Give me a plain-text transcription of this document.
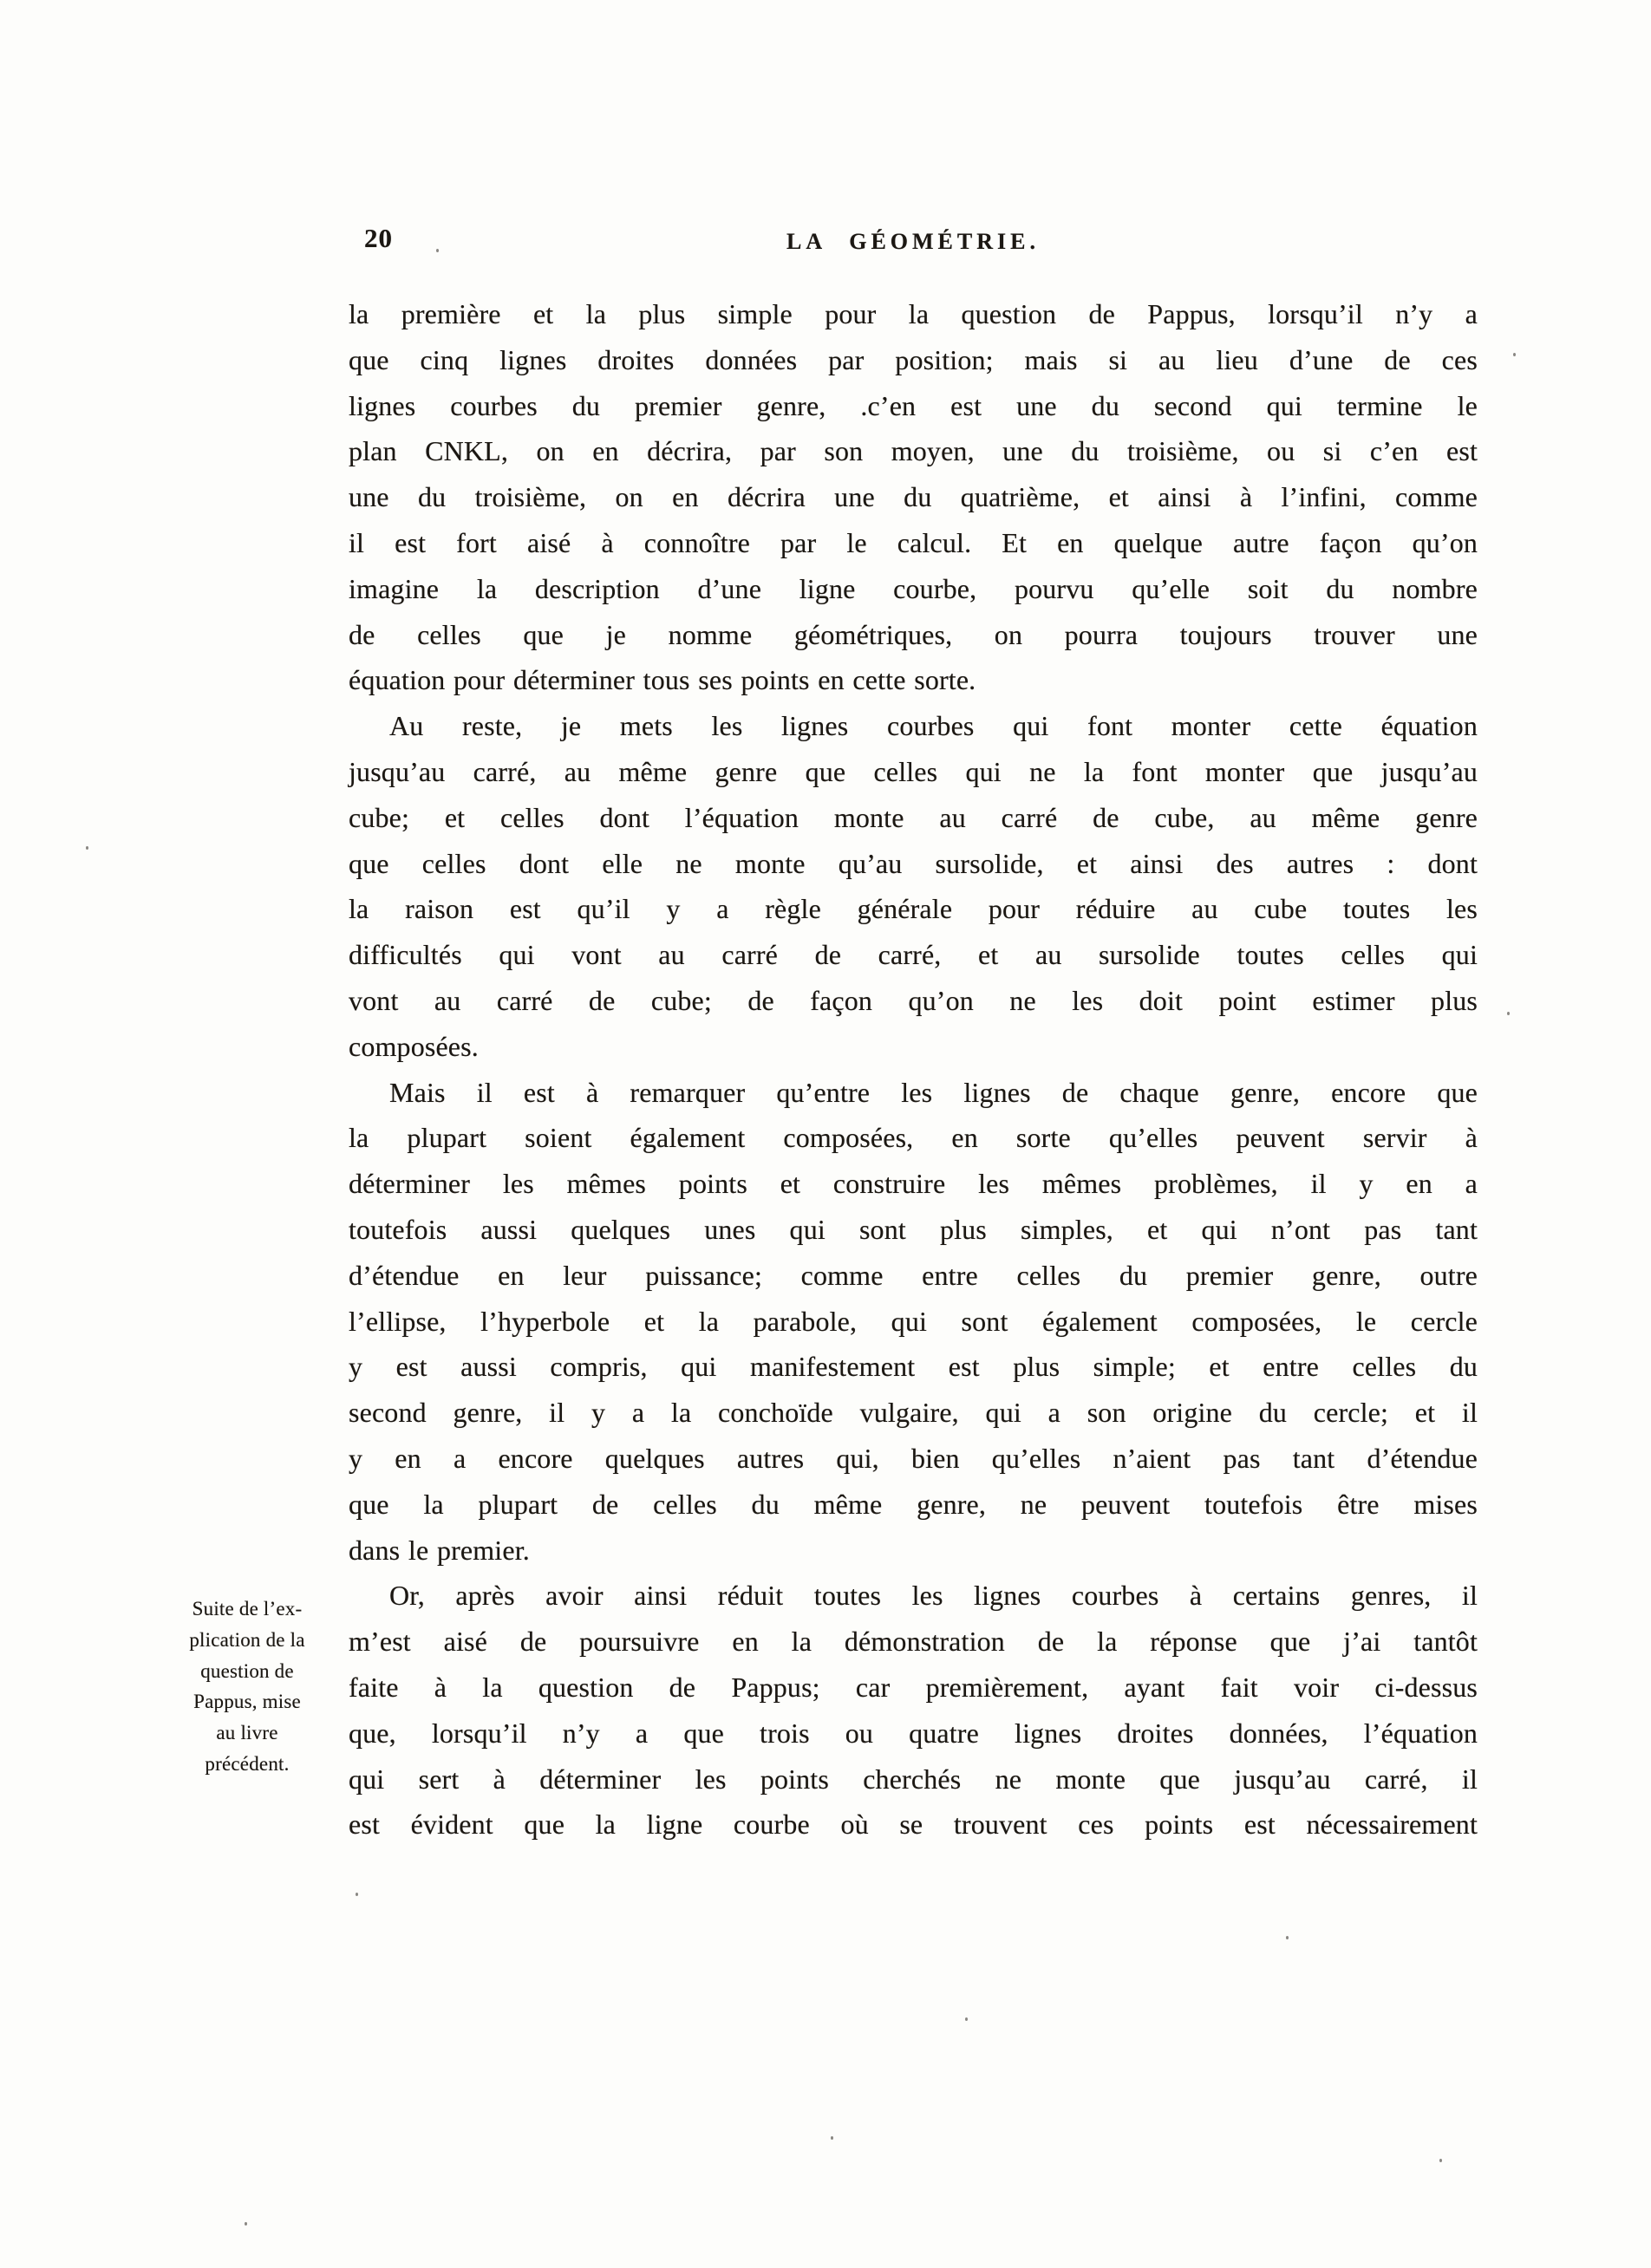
20	LA GÉOMÉTRIE.
Suite de l’ex-
plication de la
question de
Pappus, mise
au livre
précédent.
la première et la plus simple pour la question de Pappus, lorsqu’il n’y a
que cinq lignes droites données par position; mais si au lieu d’une de ces
lignes courbes du premier genre, .c’en est une du second qui termine le
plan CNKL, on en décrira, par son moyen, une du troisième, ou si c’en est
une du troisième, on en décrira une du quatrième, et ainsi à l’infini, comme
il est fort aisé à connoître par le calcul. Et en quelque autre façon qu’on
imagine la description d’une ligne courbe, pourvu qu’elle soit du nombre
de celles que je nomme géométriques, on pourra toujours trouver une
équation pour déterminer tous ses points en cette sorte.
Au reste, je mets les lignes courbes qui font monter cette équation
jusqu’au carré, au même genre que celles qui ne la font monter que jusqu’au
cube; et celles dont l’équation monte au carré de cube, au même genre
que celles dont elle ne monte qu’au sursolide, et ainsi des autres : dont
la raison est qu’il y a règle générale pour réduire au cube toutes les
difficultés qui vont au carré de carré, et au sursolide toutes celles qui
vont au carré de cube; de façon qu’on ne les doit point estimer plus
composées.
Mais il est à remarquer qu’entre les lignes de chaque genre, encore que
la plupart soient également composées, en sorte qu’elles peuvent servir à
déterminer les mêmes points et construire les mêmes problèmes, il y en a
toutefois aussi quelques unes qui sont plus simples, et qui n’ont pas tant
d’étendue en leur puissance; comme entre celles du premier genre, outre
l’ellipse, l’hyperbole et la parabole, qui sont également composées, le cercle
y est aussi compris, qui manifestement est plus simple; et entre celles du
second genre, il y a la conchoïde vulgaire, qui a son origine du cercle; et il
y en a encore quelques autres qui, bien qu’elles n’aient pas tant d’étendue
que la plupart de celles du même genre, ne peuvent toutefois être mises
dans le premier.
Or, après avoir ainsi réduit toutes les lignes courbes à certains genres, il
m’est aisé de poursuivre en la démonstration de la réponse que j’ai tantôt
faite à la question de Pappus; car premièrement, ayant fait voir ci-dessus
que, lorsqu’il n’y a que trois ou quatre lignes droites données, l’équation
qui sert à déterminer les points cherchés ne monte que jusqu’au carré, il
est évident que la ligne courbe où se trouvent ces points est nécessairement
